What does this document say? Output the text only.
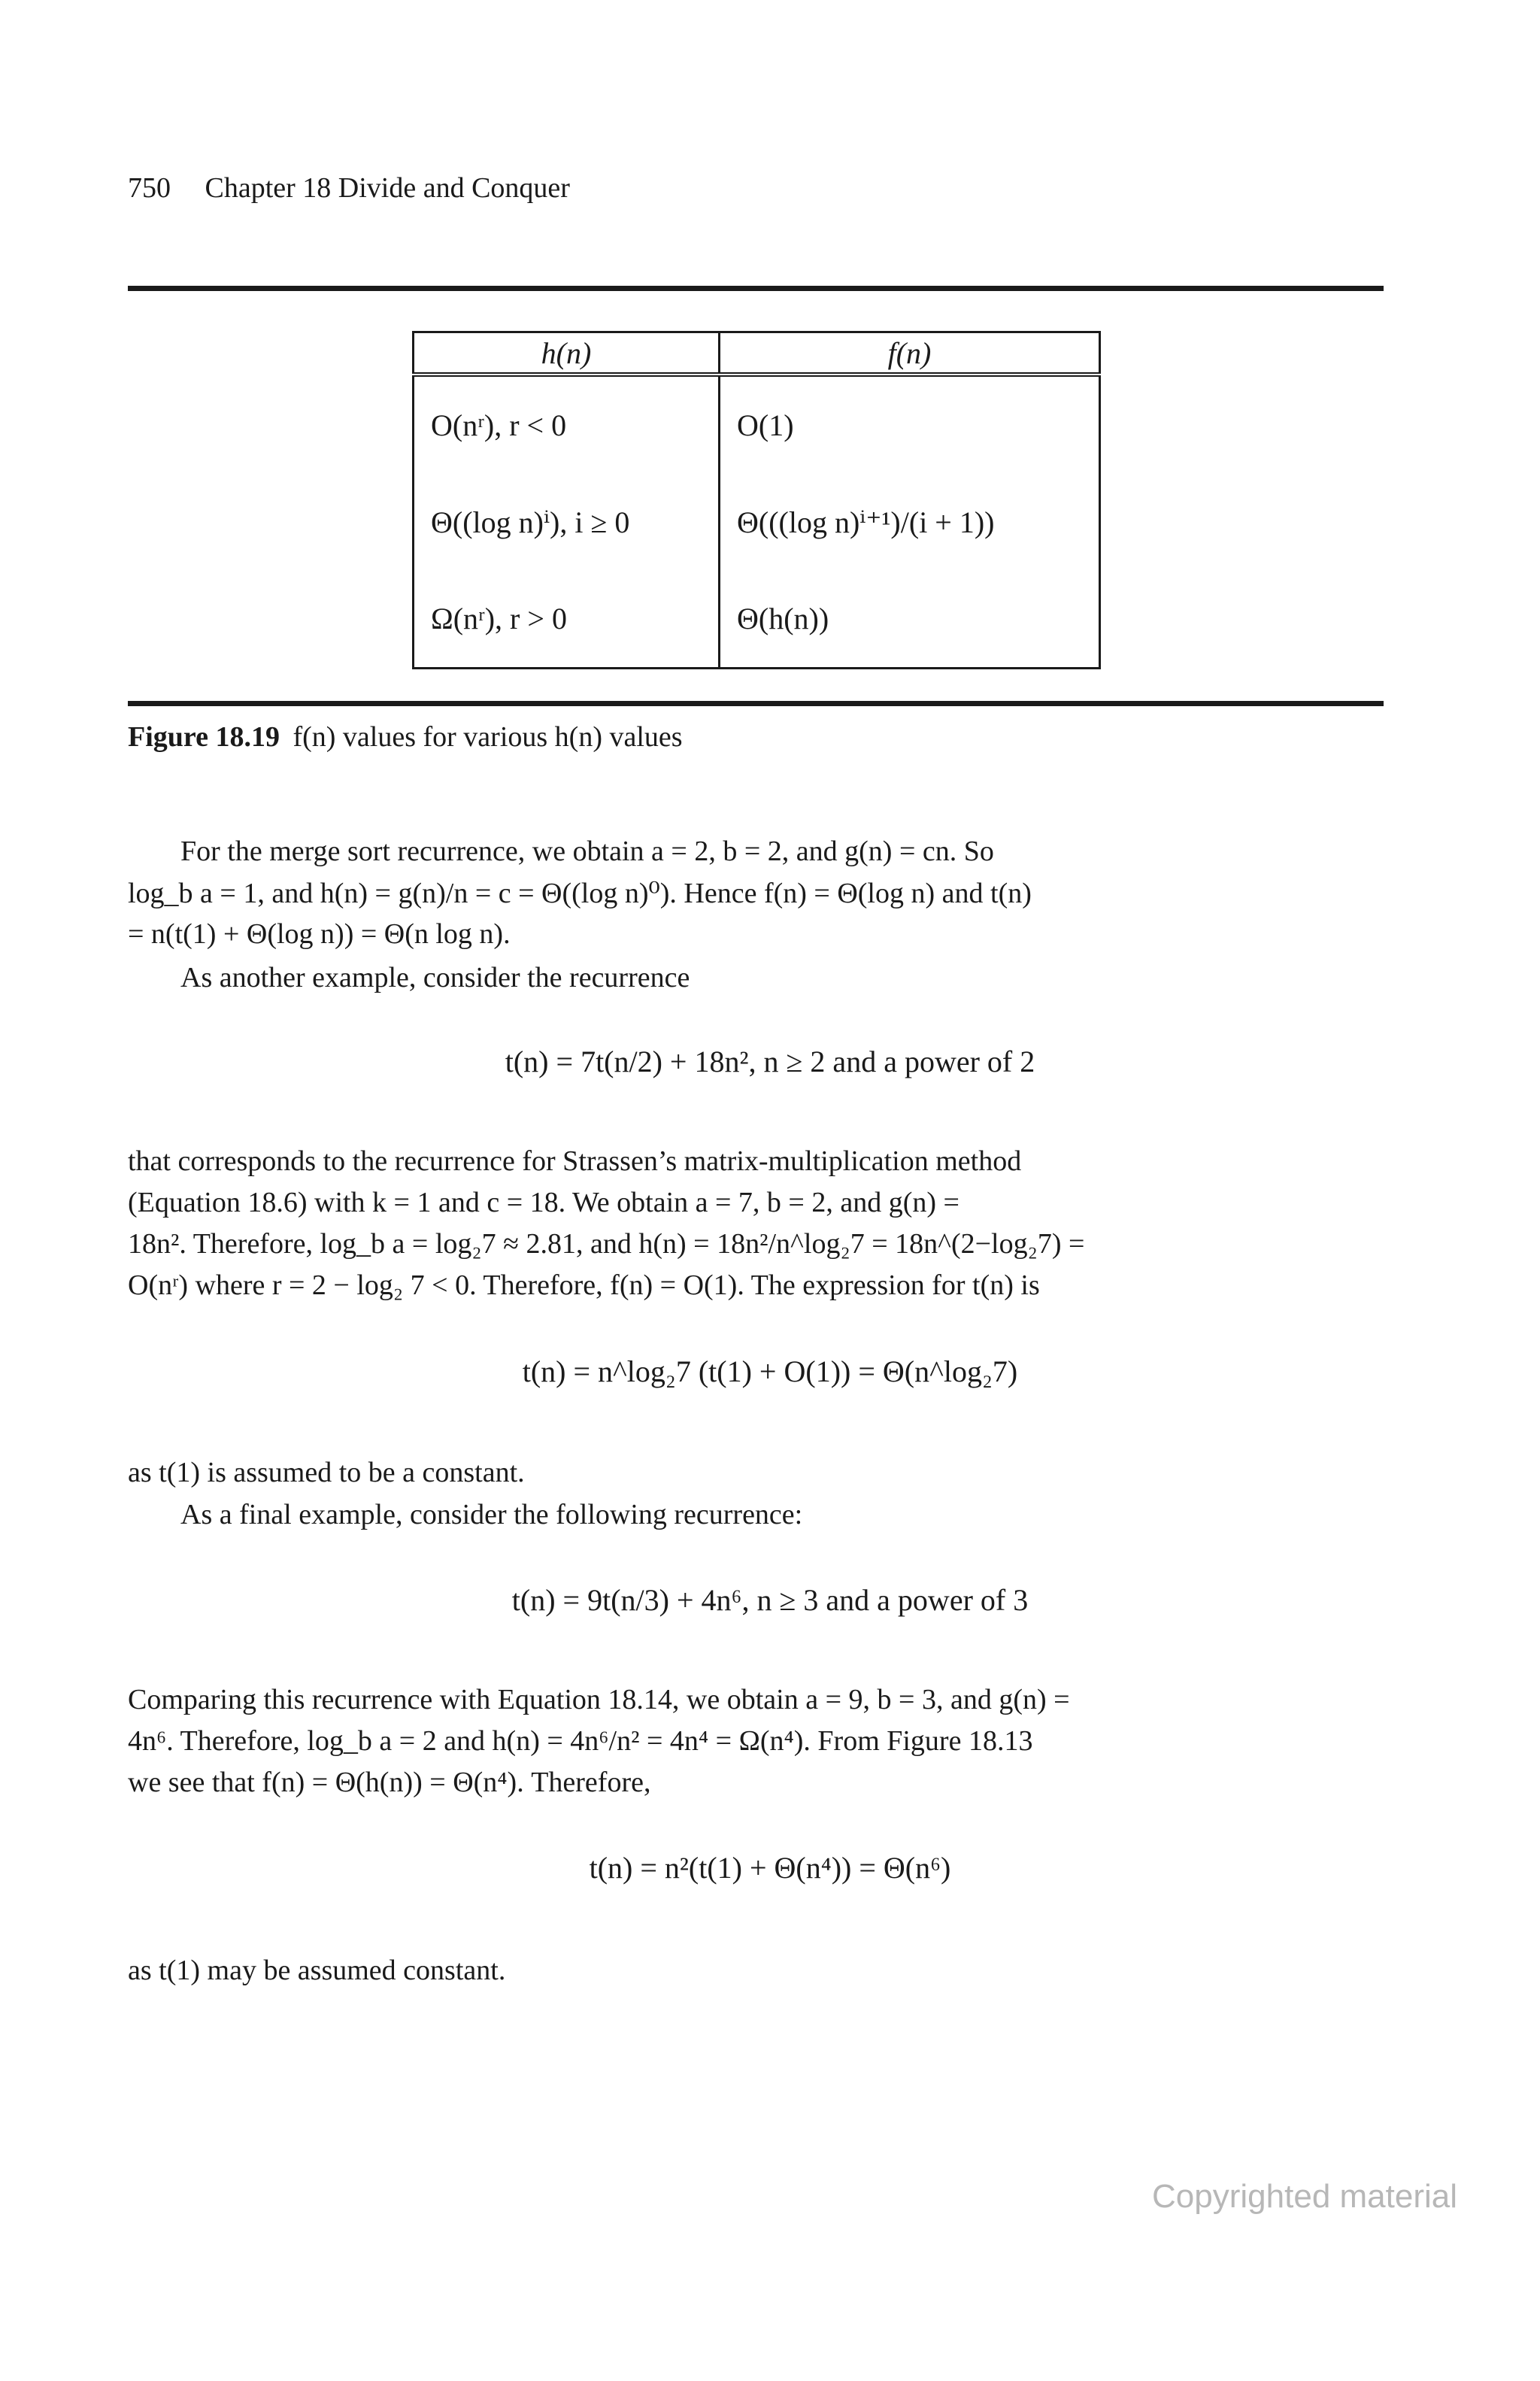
750 Chapter 18 Divide and Conquer
h(n)	f(n)
O(nʳ), r < 0	O(1)
Θ((log n)ⁱ), i ≥ 0	Θ(((log n)ⁱ⁺¹)/(i + 1))
Ω(nʳ), r > 0	Θ(h(n))
Figure 18.19 f(n) values for various h(n) values
For the merge sort recurrence, we obtain a = 2, b = 2, and g(n) = cn. So
log_b a = 1, and h(n) = g(n)/n = c = Θ((log n)⁰). Hence f(n) = Θ(log n) and t(n)
= n(t(1) + Θ(log n)) = Θ(n log n).
As another example, consider the recurrence
t(n) = 7t(n/2) + 18n², n ≥ 2 and a power of 2
that corresponds to the recurrence for Strassen’s matrix-multiplication method
(Equation 18.6) with k = 1 and c = 18. We obtain a = 7, b = 2, and g(n) =
18n². Therefore, log_b a = log₂7 ≈ 2.81, and h(n) = 18n²/n^log₂7 = 18n^(2−log₂7) =
O(nʳ) where r = 2 − log₂ 7 < 0. Therefore, f(n) = O(1). The expression for t(n) is
t(n) = n^log₂7 (t(1) + O(1)) = Θ(n^log₂7)
as t(1) is assumed to be a constant.
As a final example, consider the following recurrence:
t(n) = 9t(n/3) + 4n⁶, n ≥ 3 and a power of 3
Comparing this recurrence with Equation 18.14, we obtain a = 9, b = 3, and g(n) =
4n⁶. Therefore, log_b a = 2 and h(n) = 4n⁶/n² = 4n⁴ = Ω(n⁴). From Figure 18.13
we see that f(n) = Θ(h(n)) = Θ(n⁴). Therefore,
t(n) = n²(t(1) + Θ(n⁴)) = Θ(n⁶)
as t(1) may be assumed constant.
Copyrighted material
